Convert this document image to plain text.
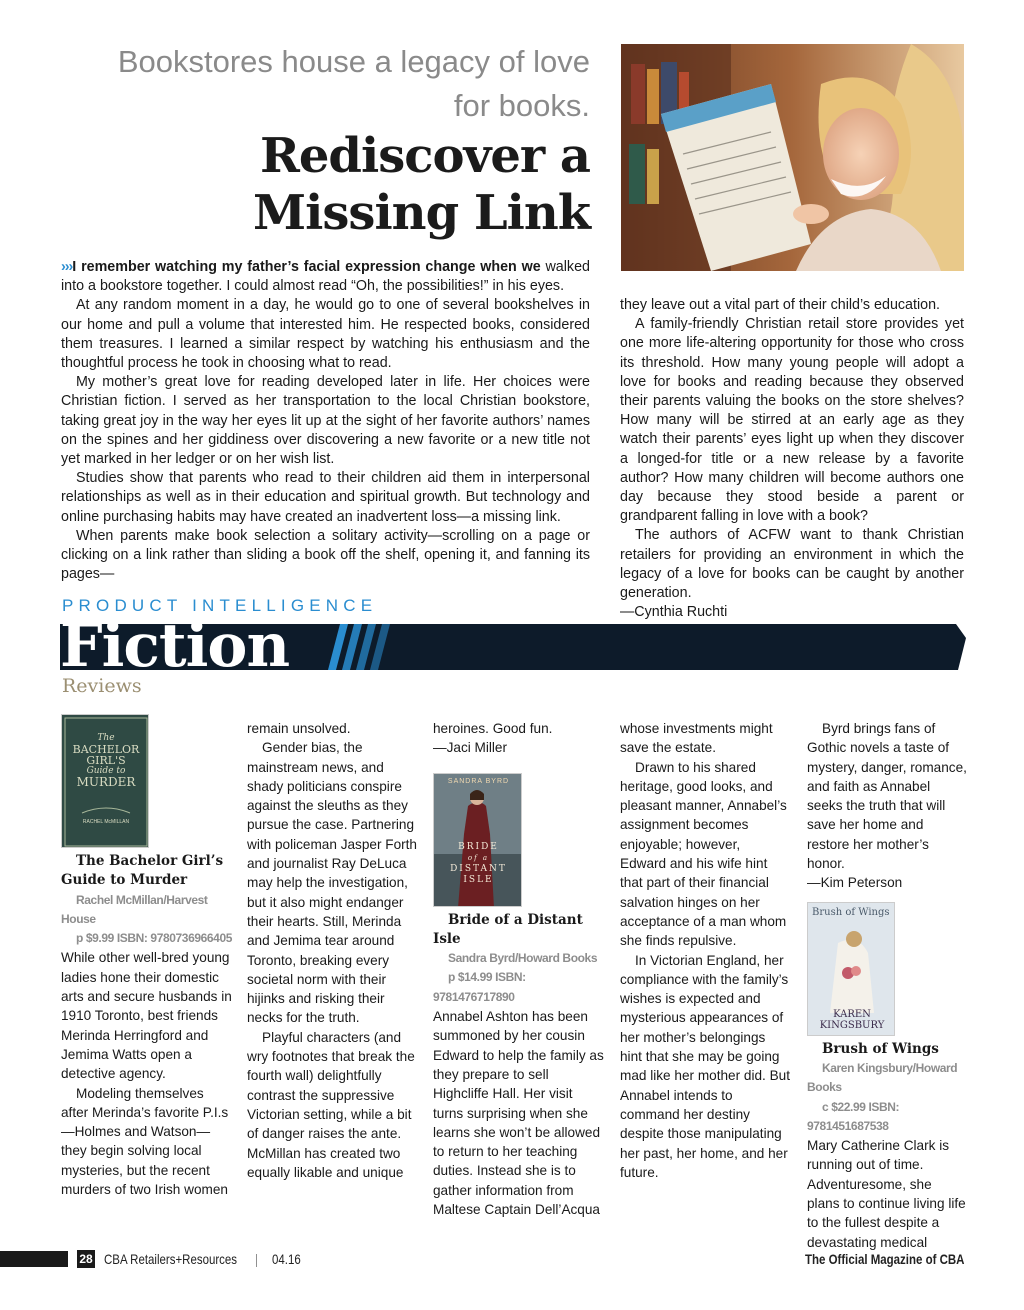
Bookstores house a legacy of love for books.
Rediscover a
Missing Link

›››I remember watching my father’s facial expression change when we walked into a bookstore together. I could almost read “Oh, the possibilities!” in his eyes.

At any random moment in a day, he would go to one of several bookshelves in our home and pull a volume that interested him. He respected books, considered them treasures. I learned a similar respect by watching his enthusiasm and the thoughtful process he took in choosing what to read.

My mother’s great love for reading developed later in life. Her choices were Christian fiction. I served as her transportation to the local Christian bookstore, taking great joy in the way her eyes lit up at the sight of her favorite authors’ names on the spines and her giddiness over discovering a new favorite or a new title not yet marked in her ledger or on her wish list.

Studies show that parents who read to their children aid them in interpersonal relationships as well as in their education and spiritual growth. But technology and online purchasing habits may have created an inadvertent loss—a missing link.

When parents make book selection a solitary activity—scrolling on a page or clicking on a link rather than sliding a book off the shelf, opening it, and fanning its pages—

they leave out a vital part of their child’s education.

A family-friendly Christian retail store provides yet one more life-altering opportunity for those who cross its threshold. How many young people will adopt a love for books and reading because they observed their parents valuing the books on the store shelves? How many will be stirred at an early age as they watch their parents’ eyes light up when they discover a longed-for title or a new release by a favorite author? How many children will become authors one day because they stood beside a parent or grandparent falling in love with a book?

The authors of ACFW want to thank Christian retailers for providing an environment in which the legacy of a love for books can be caught by another generation.

—Cynthia Ruchti

PRODUCT INTELLIGENCE
Fiction
Reviews
The
BACHELOR
GIRL'S
Guide to
MURDER
RACHEL McMILLAN

The Bachelor Girl’s Guide to Murder

Rachel McMillan/Harvest House

p $9.99 ISBN: 9780736966405

While other well-bred young ladies hone their domestic arts and secure husbands in 1910 Toronto, best friends Merinda Herringford and Jemima Watts open a detective agency.

Modeling themselves after Merinda’s favorite P.I.s—Holmes and Watson—they begin solving local mysteries, but the recent murders of two Irish women

remain unsolved.

Gender bias, the mainstream news, and shady politicians conspire against the sleuths as they pursue the case. Partnering with policeman Jasper Forth and journalist Ray DeLuca may help the investigation, but it also might endanger their hearts. Still, Merinda and Jemima tear around Toronto, breaking every societal norm with their hijinks and risking their necks for the truth.

Playful characters (and wry footnotes that break the fourth wall) delightfully contrast the suppressive Victorian setting, while a bit of danger raises the ante. McMillan has created two equally likable and unique

heroines. Good fun.

—Jaci Miller

SANDRA BYRD
BRIDE
of a
DISTANT
ISLE

Bride of a Distant Isle

Sandra Byrd/Howard Books

p $14.99 ISBN: 9781476717890

Annabel Ashton has been summoned by her cousin Edward to help the family as they prepare to sell Highcliffe Hall. Her visit turns surprising when she learns she won’t be allowed to return to her teaching duties. Instead she is to gather information from Maltese Captain Dell’Acqua

whose investments might save the estate.

Drawn to his shared heritage, good looks, and pleasant manner, Annabel’s assignment becomes enjoyable; however, Edward and his wife hint that part of their financial salvation hinges on her acceptance of a man whom she finds repulsive.

In Victorian England, her compliance with the family’s wishes is expected and mysterious appearances of her mother’s belongings hint that she may be going mad like her mother did. But Annabel intends to command her destiny despite those manipulating her past, her home, and her future.

Byrd brings fans of Gothic novels a taste of mystery, danger, romance, and faith as Annabel seeks the truth that will save her home and restore her mother’s honor.

—Kim Peterson

Brush of Wings
KAREN
KINGSBURY

Brush of Wings

Karen Kingsbury/Howard Books

c $22.99 ISBN: 9781451687538

Mary Catherine Clark is running out of time. Adventuresome, she plans to continue living life to the fullest despite a devastating medical

28 CBA Retailers+Resources | 04.16	The Official Magazine of CBA
